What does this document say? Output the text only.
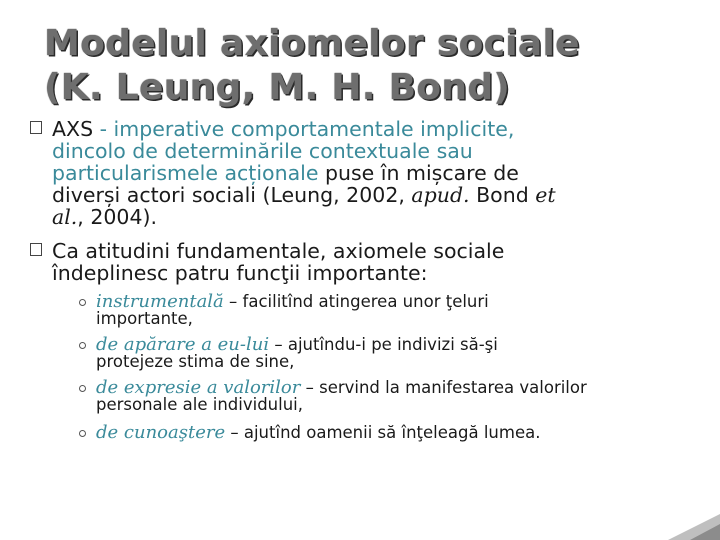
Modelul axiomelor sociale
(K. Leung, M. H. Bond)
AXS - imperative comportamentale implicite,
dincolo de determinările contextuale sau
particularismele acționale puse în mișcare de
diverși actori sociali (Leung, 2002, apud. Bond et
al., 2004).
Ca atitudini fundamentale, axiomele sociale
îndeplinesc patru funcţii importante:
instrumentală – facilitînd atingerea unor ţeluri
importante,
de apărare a eu-lui – ajutîndu-i pe indivizi să-şi
protejeze stima de sine,
de expresie a valorilor – servind la manifestarea valorilor
personale ale individului,
de cunoaştere – ajutînd oamenii să înţeleagă lumea.
